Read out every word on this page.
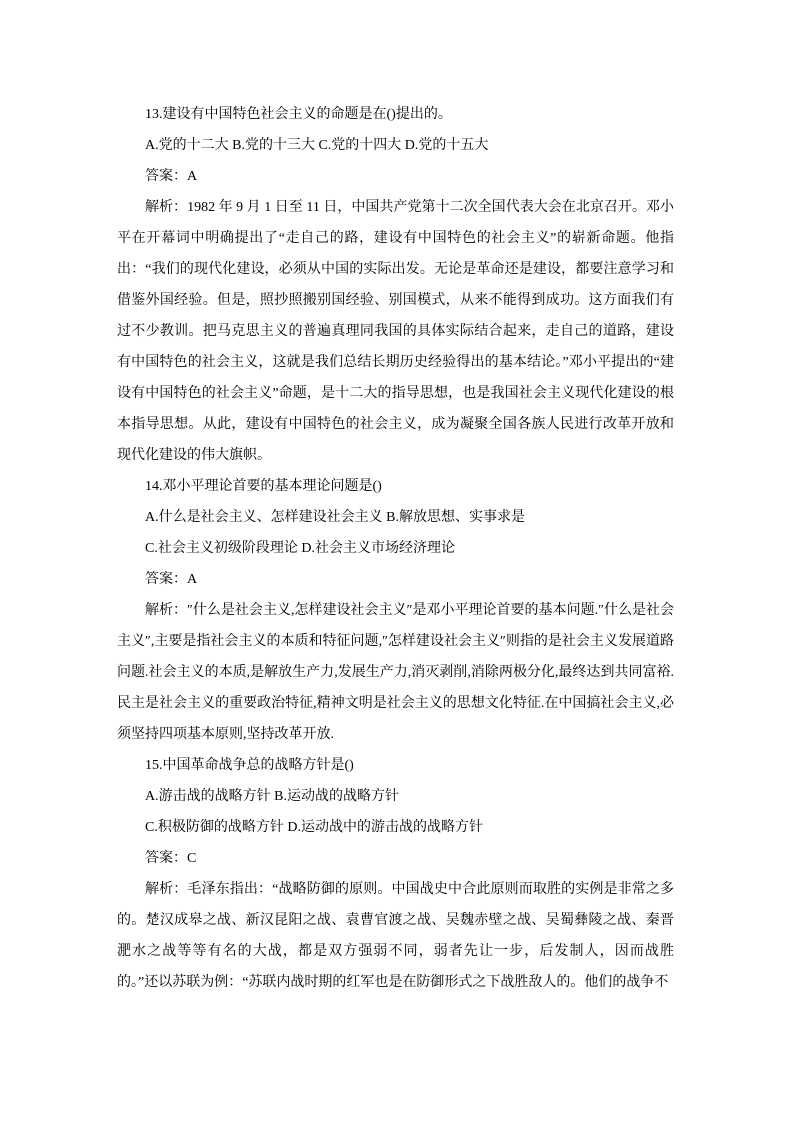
13.建设有中国特色社会主义的命题是在()提出的。

A.党的十二大 B.党的十三大 C.党的十四大 D.党的十五大

答案：A

解析：1982 年 9 月 1 日至 11 日，中国共产党第十二次全国代表大会在北京召开。邓小平在开幕词中明确提出了“走自己的路，建设有中国特色的社会主义”的崭新命题。他指出：“我们的现代化建设，必须从中国的实际出发。无论是革命还是建设，都要注意学习和借鉴外国经验。但是，照抄照搬别国经验、别国模式，从来不能得到成功。这方面我们有过不少教训。把马克思主义的普遍真理同我国的具体实际结合起来，走自己的道路，建设有中国特色的社会主义，这就是我们总结长期历史经验得出的基本结论。”邓小平提出的“建设有中国特色的社会主义”命题，是十二大的指导思想，也是我国社会主义现代化建设的根本指导思想。从此，建设有中国特色的社会主义，成为凝聚全国各族人民进行改革开放和现代化建设的伟大旗帜。

14.邓小平理论首要的基本理论问题是()

A.什么是社会主义、怎样建设社会主义 B.解放思想、实事求是

C.社会主义初级阶段理论 D.社会主义市场经济理论

答案：A

解析：″什么是社会主义,怎样建设社会主义″是邓小平理论首要的基本问题.″什么是社会主义″,主要是指社会主义的本质和特征问题,″怎样建设社会主义″则指的是社会主义发展道路问题.社会主义的本质,是解放生产力,发展生产力,消灭剥削,消除两极分化,最终达到共同富裕.民主是社会主义的重要政治特征,精神文明是社会主义的思想文化特征.在中国搞社会主义,必须坚持四项基本原则,坚持改革开放.

15.中国革命战争总的战略方针是()

A.游击战的战略方针 B.运动战的战略方针

C.积极防御的战略方针 D.运动战中的游击战的战略方针

答案：C

解析：毛泽东指出：“战略防御的原则。中国战史中合此原则而取胜的实例是非常之多的。楚汉成皋之战、新汉昆阳之战、袁曹官渡之战、吴魏赤壁之战、吴蜀彝陵之战、秦晋淝水之战等等有名的大战，都是双方强弱不同，弱者先让一步，后发制人，因而战胜的。”还以苏联为例：“苏联内战时期的红军也是在防御形式之下战胜敌人的。他们的战争不
